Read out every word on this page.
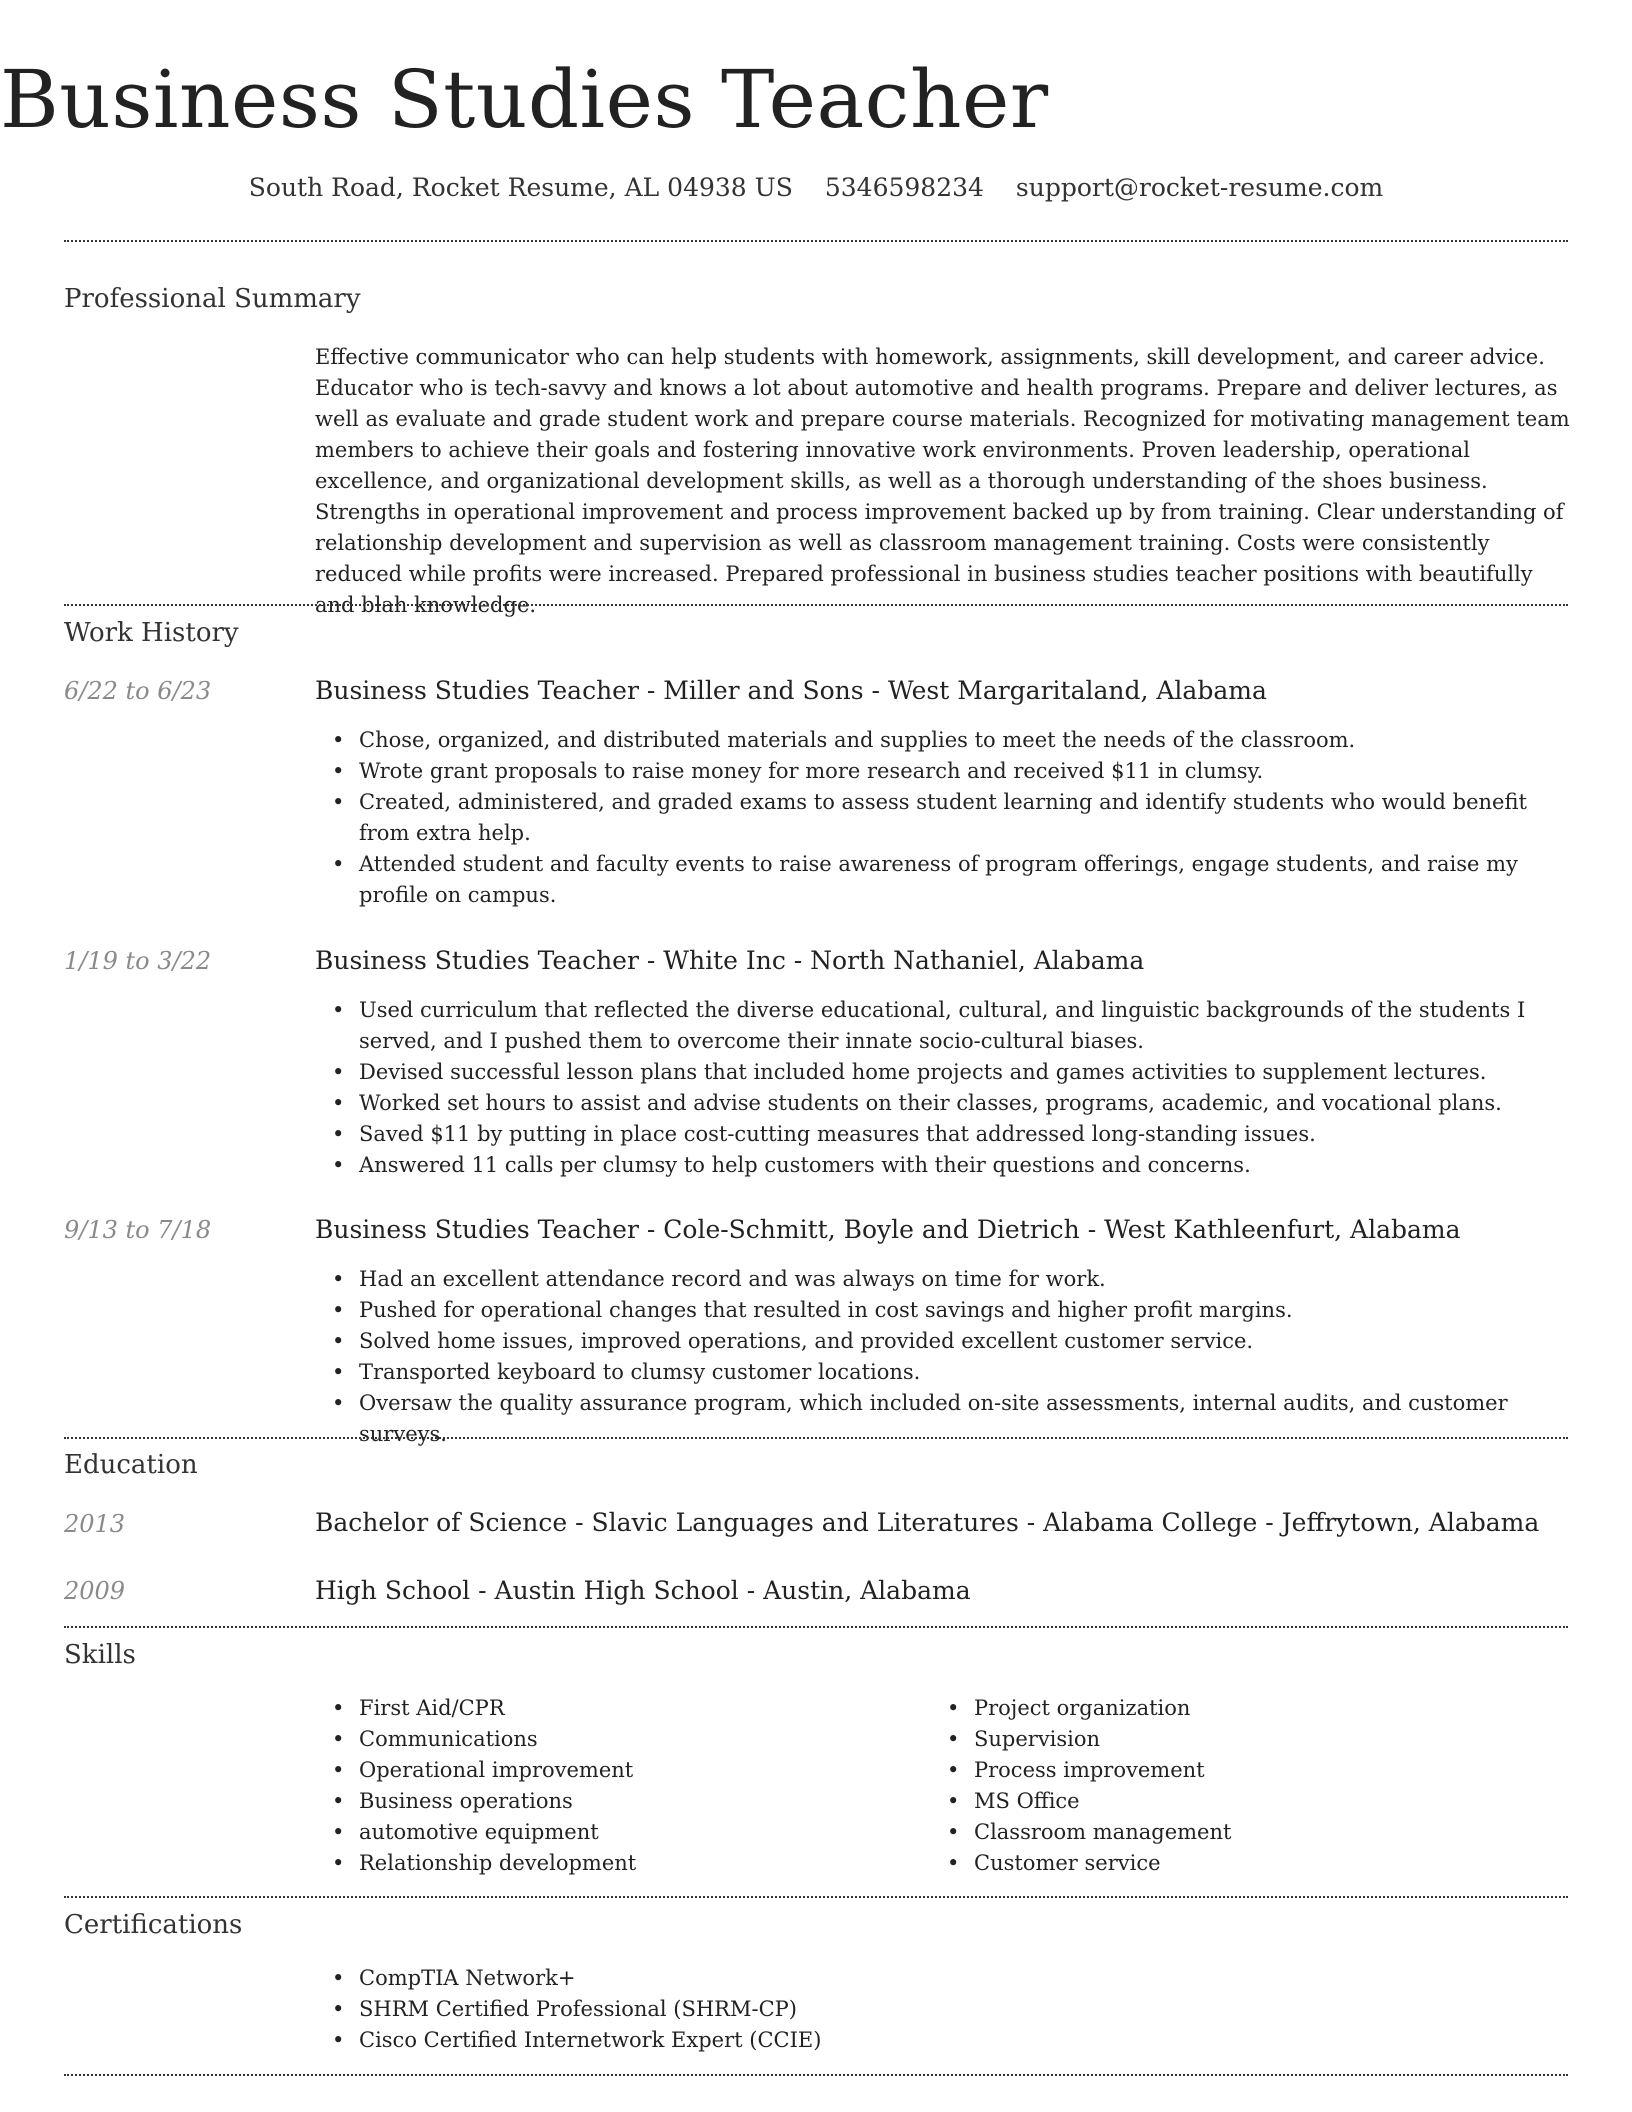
Business Studies Teacher
South Road, Rocket Resume, AL 04938 US 5346598234 support@rocket-resume.com
Professional Summary

Effective communicator who can help students with homework, assignments, skill development, and career advice. Educator who is tech-savvy and knows a lot about automotive and health programs. Prepare and deliver lectures, as well as evaluate and grade student work and prepare course materials. Recognized for motivating management team members to achieve their goals and fostering innovative work environments. Proven leadership, operational excellence, and organizational development skills, as well as a thorough understanding of the shoes business. Strengths in operational improvement and process improvement backed up by from training. Clear understanding of relationship development and supervision as well as classroom management training. Costs were consistently reduced while profits were increased. Prepared professional in business studies teacher positions with beautifully and blah knowledge.

Work History
6/22 to 6/23	Business Studies Teacher - Miller and Sons - West Margaritaland, Alabama
• Chose, organized, and distributed materials and supplies to meet the needs of the classroom.
• Wrote grant proposals to raise money for more research and received $11 in clumsy.
• Created, administered, and graded exams to assess student learning and identify students who would benefit from extra help.
• Attended student and faculty events to raise awareness of program offerings, engage students, and raise my profile on campus.
1/19 to 3/22	Business Studies Teacher - White Inc - North Nathaniel, Alabama
• Used curriculum that reflected the diverse educational, cultural, and linguistic backgrounds of the students I served, and I pushed them to overcome their innate socio-cultural biases.
• Devised successful lesson plans that included home projects and games activities to supplement lectures.
• Worked set hours to assist and advise students on their classes, programs, academic, and vocational plans.
• Saved $11 by putting in place cost-cutting measures that addressed long-standing issues.
• Answered 11 calls per clumsy to help customers with their questions and concerns.
9/13 to 7/18	Business Studies Teacher - Cole-Schmitt, Boyle and Dietrich - West Kathleenfurt, Alabama
• Had an excellent attendance record and was always on time for work.
• Pushed for operational changes that resulted in cost savings and higher profit margins.
• Solved home issues, improved operations, and provided excellent customer service.
• Transported keyboard to clumsy customer locations.
• Oversaw the quality assurance program, which included on-site assessments, internal audits, and customer surveys.
Education
2013	Bachelor of Science - Slavic Languages and Literatures - Alabama College - Jeffrytown, Alabama
2009	High School - Austin High School - Austin, Alabama
Skills
• First Aid/CPR
• Communications
• Operational improvement
• Business operations
• automotive equipment
• Relationship development
• Project organization
• Supervision
• Process improvement
• MS Office
• Classroom management
• Customer service
Certifications
• CompTIA Network+
• SHRM Certified Professional (SHRM-CP)
• Cisco Certified Internetwork Expert (CCIE)
